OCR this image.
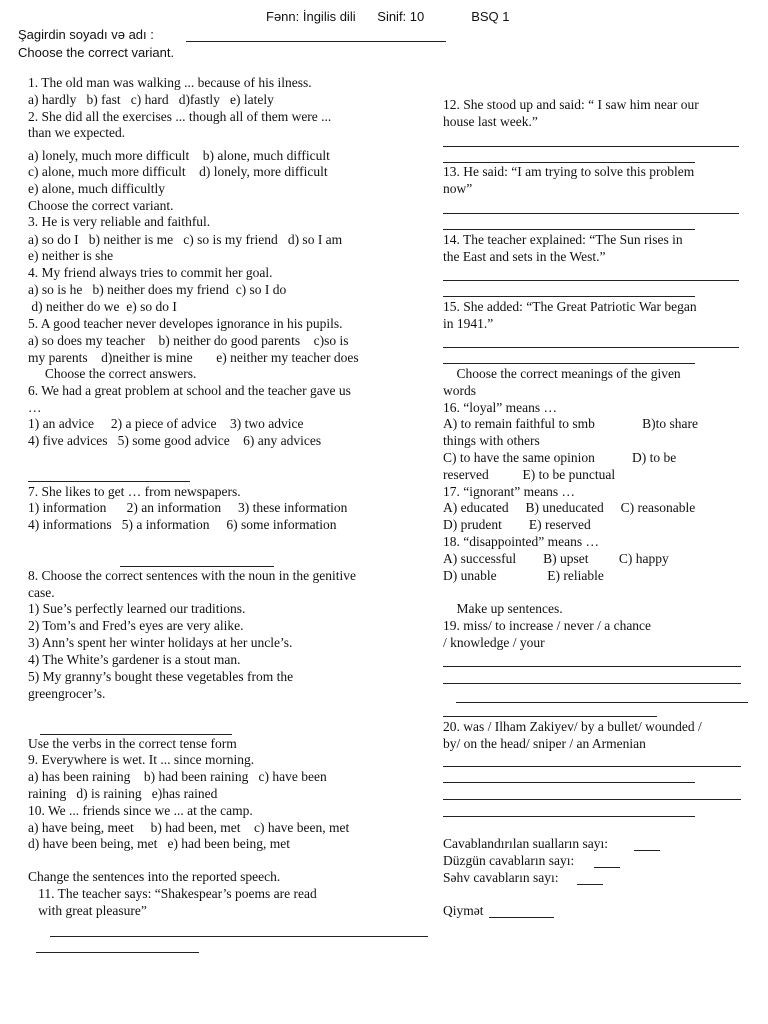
Fənn: İngilis dili      Sinif: 10             BSQ 1
Şagirdin soyadı və adı :
Choose the correct variant.
1. The old man was walking ... because of his ilness.
a) hardly   b) fast   c) hard   d)fastly   e) lately
2. She did all the exercises ... though all of them were ...
than we expected.
a) lonely, much more difficult    b) alone, much difficult
c) alone, much more difficult    d) lonely, more difficult
e) alone, much difficultly
Choose the correct variant.
3. He is very reliable and faithful.
a) so do I   b) neither is me   c) so is my friend   d) so I am
e) neither is she
4. My friend always tries to commit her goal.
a) so is he   b) neither does my friend  c) so I do
d) neither do we  e) so do I
5. A good teacher never developes ignorance in his pupils.
a) so does my teacher    b) neither do good parents    c)so is
my parents    d)neither is mine       e) neither my teacher does
Choose the correct answers.
6. We had a great problem at school and the teacher gave us
…
1) an advice     2) a piece of advice    3) two advice
4) five advices   5) some good advice    6) any advices
7. She likes to get … from newspapers.
1) information      2) an information     3) these information
4) informations   5) a information     6) some information
8. Choose the correct sentences with the noun in the genitive
case.
1) Sue’s perfectly learned our traditions.
2) Tom’s and Fred’s eyes are very alike.
3) Ann’s spent her winter holidays at her uncle’s.
4) The White’s gardener is a stout man.
5) My granny’s bought these vegetables from the
greengrocer’s.
Use the verbs in the correct tense form
9. Everywhere is wet. It ... since morning.
a) has been raining    b) had been raining   c) have been
raining   d) is raining   e)has rained
10. We ... friends since we ... at the camp.
a) have being, meet     b) had been, met    c) have been, met
d) have been being, met   e) had been being, met
Change the sentences into the reported speech.
11. The teacher says: “Shakespear’s poems are read
with great pleasure”
12. She stood up and said: “ I saw him near our
house last week.”
13. He said: “I am trying to solve this problem
now”
14. The teacher explained: “The Sun rises in
the East and sets in the West.”
15. She added: “The Great Patriotic War began
in 1941.”
Choose the correct meanings of the given
words
16. “loyal” means …
A) to remain faithful to smb              B)to share
things with others
C) to have the same opinion           D) to be
reserved          E) to be punctual
17. “ignorant” means …
A) educated     B) uneducated     C) reasonable
D) prudent        E) reserved
18. “disappointed” means …
A) successful        B) upset         C) happy
D) unable               E) reliable
Make up sentences.
19. miss/ to increase / never / a chance
/ knowledge / your
20. was / Ilham Zakiyev/ by a bullet/ wounded /
by/ on the head/ sniper / an Armenian
Cavablandırılan sualların sayı:
Düzgün cavabların sayı:
Səhv cavabların sayı:
Qiymət
